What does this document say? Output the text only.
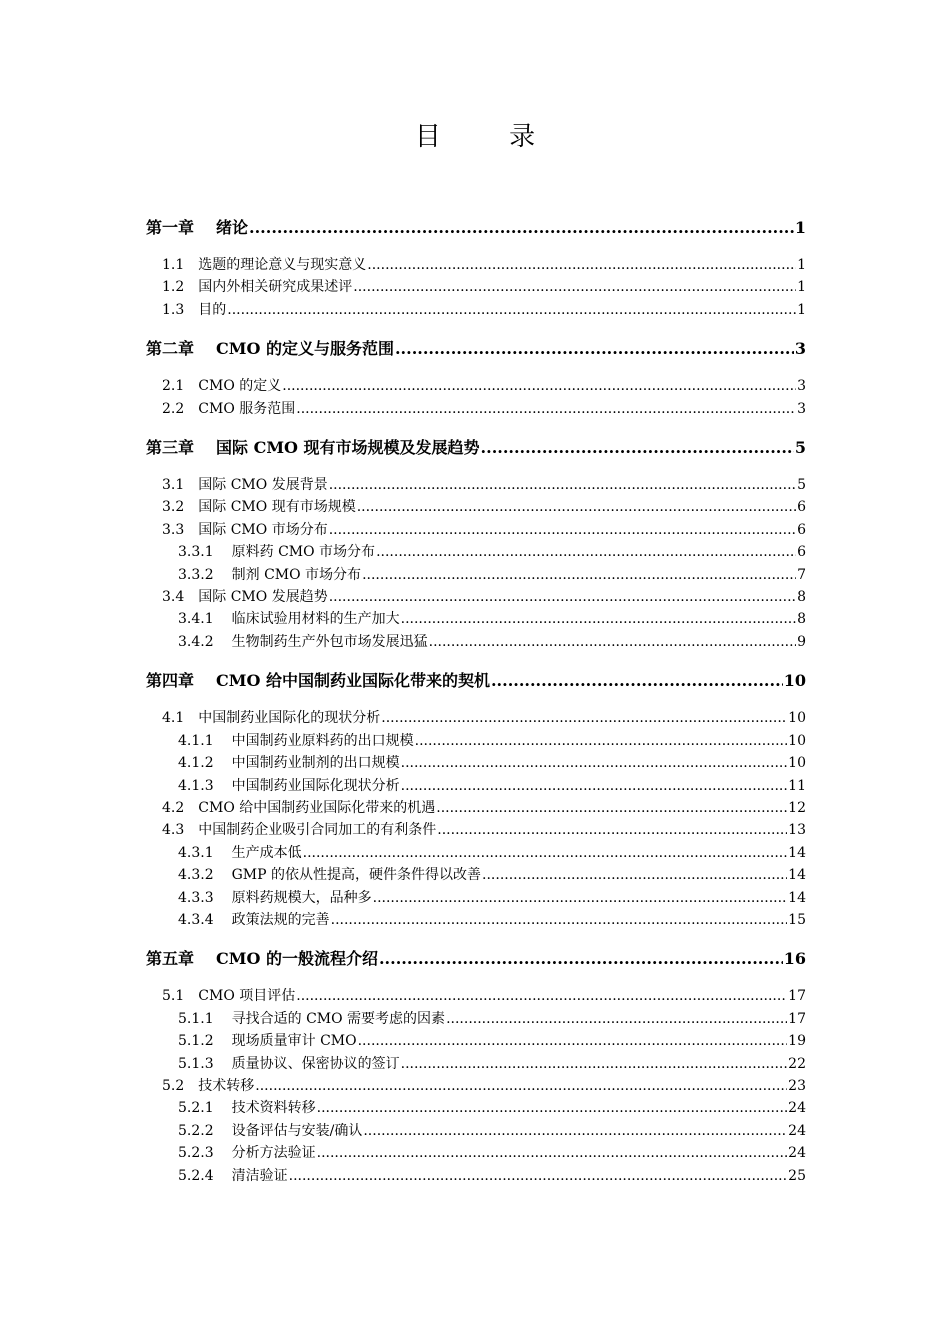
目 录
第一章 绪论 .....	1
1.1 选题的理论意义与现实意义 .....	1
1.2 国内外相关研究成果述评 .....	1
1.3 目的 .....	1
第二章 CMO 的定义与服务范围 .....	3
2.1 CMO 的定义 .....	3
2.2 CMO 服务范围 .....	3
第三章 国际 CMO 现有市场规模及发展趋势 .....	5
3.1 国际 CMO 发展背景 .....	5
3.2 国际 CMO 现有市场规模 .....	6
3.3 国际 CMO 市场分布 .....	6
3.3.1 原料药 CMO 市场分布 .....	6
3.3.2 制剂 CMO 市场分布 .....	7
3.4 国际 CMO 发展趋势 .....	8
3.4.1 临床试验用材料的生产加大 .....	8
3.4.2 生物制药生产外包市场发展迅猛 .....	9
第四章 CMO 给中国制药业国际化带来的契机 .....	10
4.1 中国制药业国际化的现状分析 .....	10
4.1.1 中国制药业原料药的出口规模 .....	10
4.1.2 中国制药业制剂的出口规模 .....	10
4.1.3 中国制药业国际化现状分析 .....	11
4.2 CMO 给中国制药业国际化带来的机遇 .....	12
4.3 中国制药企业吸引合同加工的有利条件 .....	13
4.3.1 生产成本低 .....	14
4.3.2 GMP 的依从性提高，硬件条件得以改善 .....	14
4.3.3 原料药规模大，品种多 .....	14
4.3.4 政策法规的完善 .....	15
第五章 CMO 的一般流程介绍 .....	16
5.1 CMO 项目评估 .....	17
5.1.1 寻找合适的 CMO 需要考虑的因素 .....	17
5.1.2 现场质量审计 CMO .....	19
5.1.3 质量协议、保密协议的签订 .....	22
5.2 技术转移 .....	23
5.2.1 技术资料转移 .....	24
5.2.2 设备评估与安装/确认 .....	24
5.2.3 分析方法验证 .....	24
5.2.4 清洁验证 .....	25
